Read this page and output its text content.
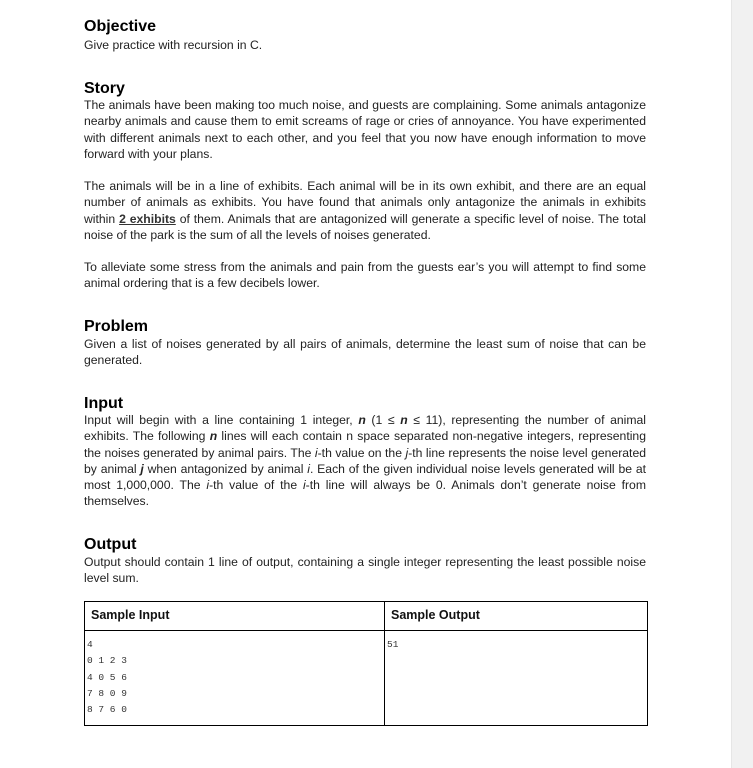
Objective

Give practice with recursion in C.

Story

The animals have been making too much noise, and guests are complaining. Some animals antagonize nearby animals and cause them to emit screams of rage or cries of annoyance. You have experimented with different animals next to each other, and you feel that you now have enough information to move forward with your plans.

The animals will be in a line of exhibits. Each animal will be in its own exhibit, and there are an equal number of animals as exhibits. You have found that animals only antagonize the animals in exhibits within 2 exhibits of them. Animals that are antagonized will generate a specific level of noise. The total noise of the park is the sum of all the levels of noises generated.

To alleviate some stress from the animals and pain from the guests ear’s you will attempt to find some animal ordering that is a few decibels lower.

Problem

Given a list of noises generated by all pairs of animals, determine the least sum of noise that can be generated.

Input

Input will begin with a line containing 1 integer, n (1 ≤ n ≤ 11), representing the number of animal exhibits. The following n lines will each contain n space separated non-negative integers, representing the noises generated by animal pairs. The i-th value on the j-th line represents the noise level generated by animal j when antagonized by animal i. Each of the given individual noise levels generated will be at most 1,000,000. The i-th value of the i-th line will always be 0. Animals don’t generate noise from themselves.

Output

Output should contain 1 line of output, containing a single integer representing the least possible noise level sum.

Sample Input	Sample Output

4
0 1 2 3
4 0 5 6
7 8 0 9
8 7 6 0	51
